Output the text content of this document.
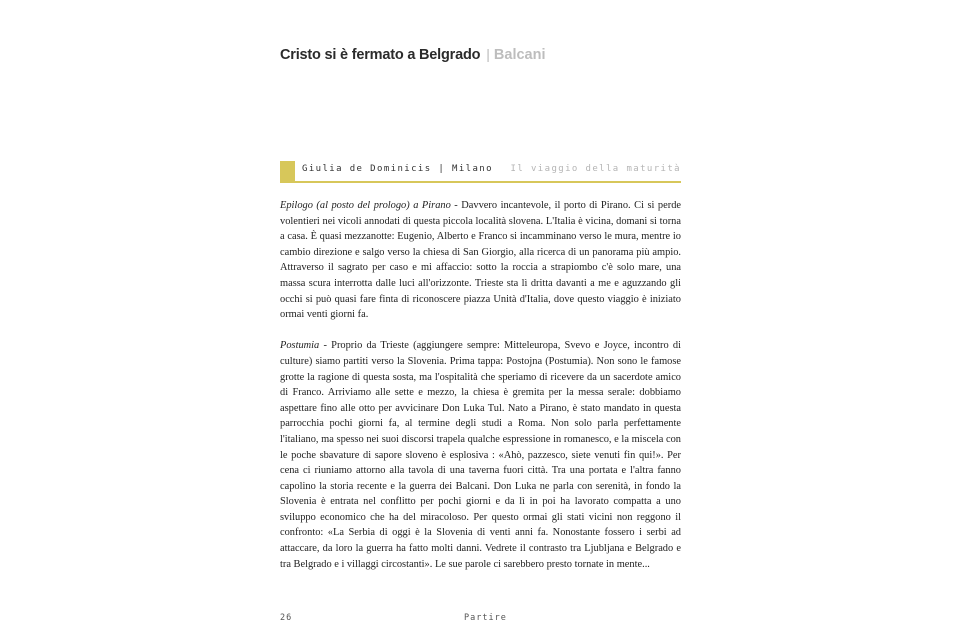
Cristo si è fermato a Belgrado | Balcani
Giulia de Dominicis | Milano Il viaggio della maturità

Epilogo (al posto del prologo) a Pirano - Davvero incantevole, il porto di Pirano. Ci si perde volentieri nei vicoli annodati di questa piccola località slovena. L'Italia è vicina, domani si torna a casa. È quasi mezzanotte: Eugenio, Alberto e Franco si incamminano verso le mura, mentre io cambio direzione e salgo verso la chiesa di San Giorgio, alla ricerca di un panorama più ampio. Attraverso il sagrato per caso e mi affaccio: sotto la roccia a strapiombo c'è solo mare, una massa scura interrotta dalle luci all'orizzonte. Trieste sta lì dritta davanti a me e aguzzando gli occhi si può quasi fare finta di riconoscere piazza Unità d'Italia, dove questo viaggio è iniziato ormai venti giorni fa.

Postumia - Proprio da Trieste (aggiungere sempre: Mitteleuropa, Svevo e Joyce, incontro di culture) siamo partiti verso la Slovenia. Prima tappa: Postojna (Postumia). Non sono le famose grotte la ragione di questa sosta, ma l'ospitalità che speriamo di ricevere da un sacerdote amico di Franco. Arriviamo alle sette e mezzo, la chiesa è gremita per la messa serale: dobbiamo aspettare fino alle otto per avvicinare Don Luka Tul. Nato a Pirano, è stato mandato in questa parrocchia pochi giorni fa, al termine degli studi a Roma. Non solo parla perfettamente l'italiano, ma spesso nei suoi discorsi trapela qualche espressione in romanesco, e la miscela con le poche sbavature di sapore sloveno è esplosiva : «Ahò, pazzesco, siete venuti fin qui!». Per cena ci riuniamo attorno alla tavola di una taverna fuori città. Tra una portata e l'altra fanno capolino la storia recente e la guerra dei Balcani. Don Luka ne parla con serenità, in fondo la Slovenia è entrata nel conflitto per pochi giorni e da lì in poi ha lavorato compatta a uno sviluppo economico che ha del miracoloso. Per questo ormai gli stati vicini non reggono il confronto: «La Serbia di oggi è la Slovenia di venti anni fa. Nonostante fossero i serbi ad attaccare, da loro la guerra ha fatto molti danni. Vedrete il contrasto tra Ljubljana e Belgrado e tra Belgrado e i villaggi circostanti». Le sue parole ci sarebbero presto tornate in mente...

26	Partire
